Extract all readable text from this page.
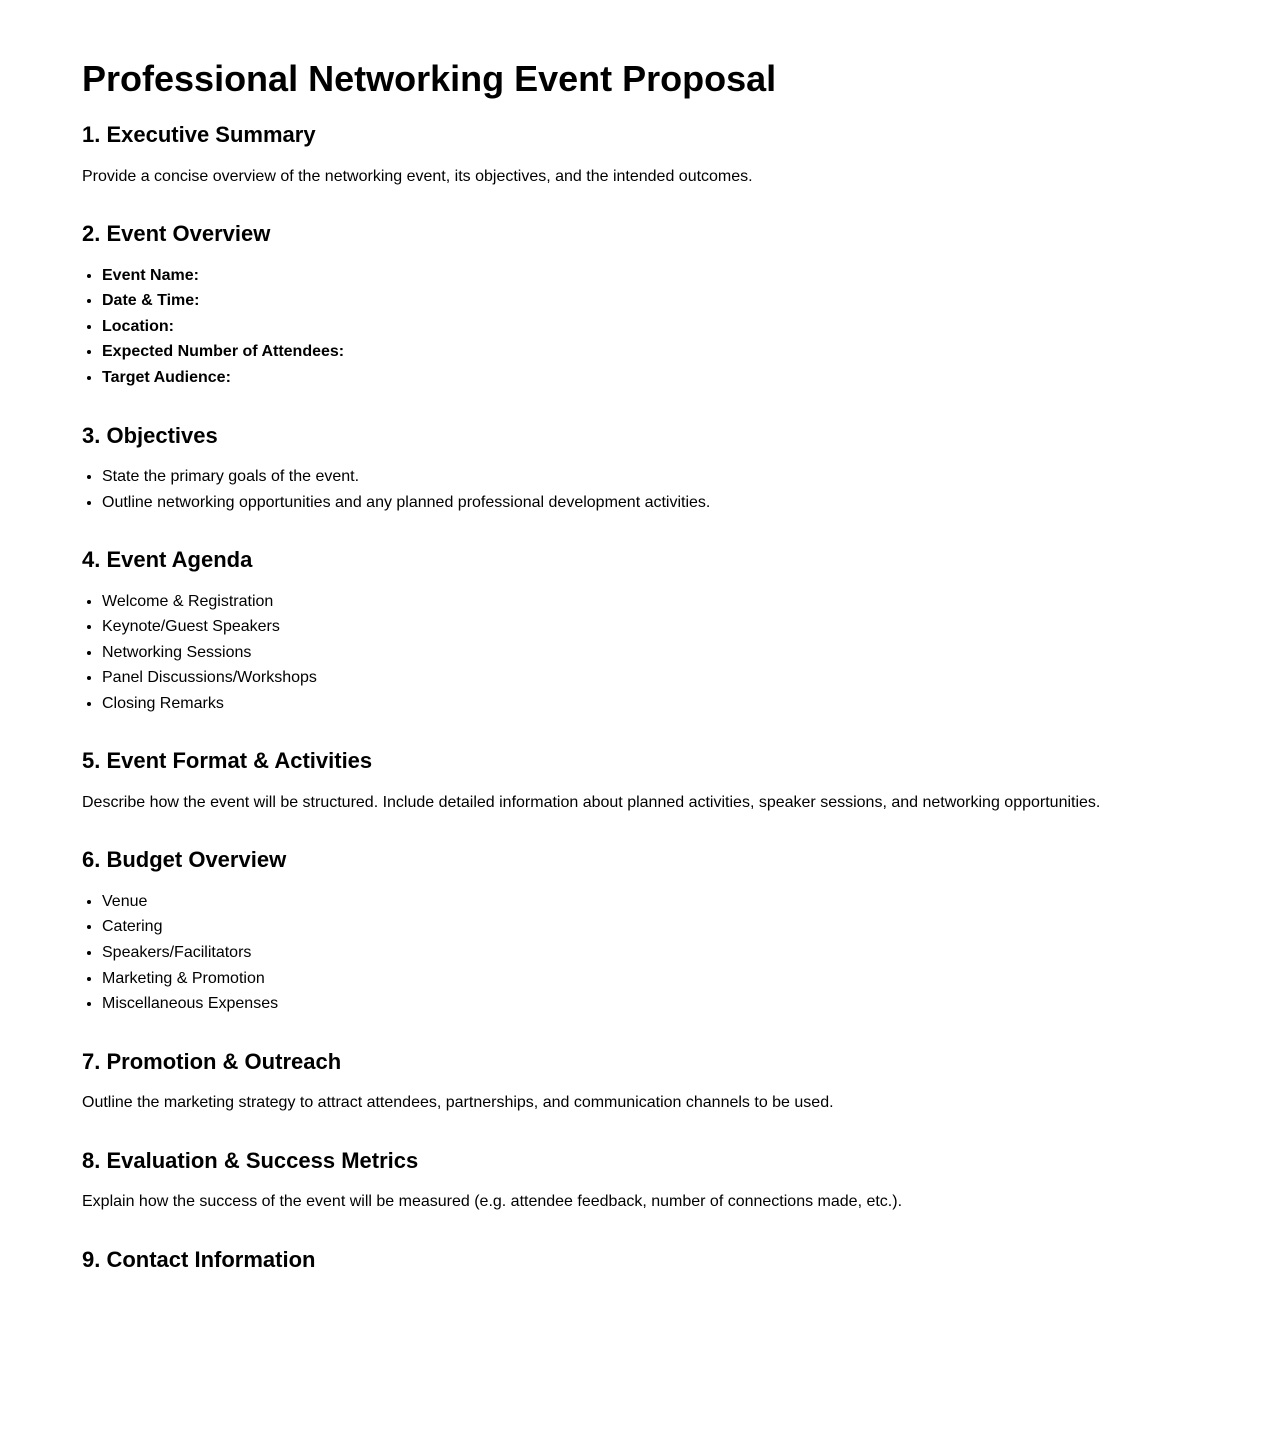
Professional Networking Event Proposal
1. Executive Summary

Provide a concise overview of the networking event, its objectives, and the intended outcomes.

2. Event Overview
• Event Name:
• Date & Time:
• Location:
• Expected Number of Attendees:
• Target Audience:
3. Objectives
• State the primary goals of the event.
• Outline networking opportunities and any planned professional development activities.
4. Event Agenda
• Welcome & Registration
• Keynote/Guest Speakers
• Networking Sessions
• Panel Discussions/Workshops
• Closing Remarks
5. Event Format & Activities

Describe how the event will be structured. Include detailed information about planned activities, speaker sessions, and networking opportunities.

6. Budget Overview
• Venue
• Catering
• Speakers/Facilitators
• Marketing & Promotion
• Miscellaneous Expenses
7. Promotion & Outreach

Outline the marketing strategy to attract attendees, partnerships, and communication channels to be used.

8. Evaluation & Success Metrics

Explain how the success of the event will be measured (e.g. attendee feedback, number of connections made, etc.).

9. Contact Information
